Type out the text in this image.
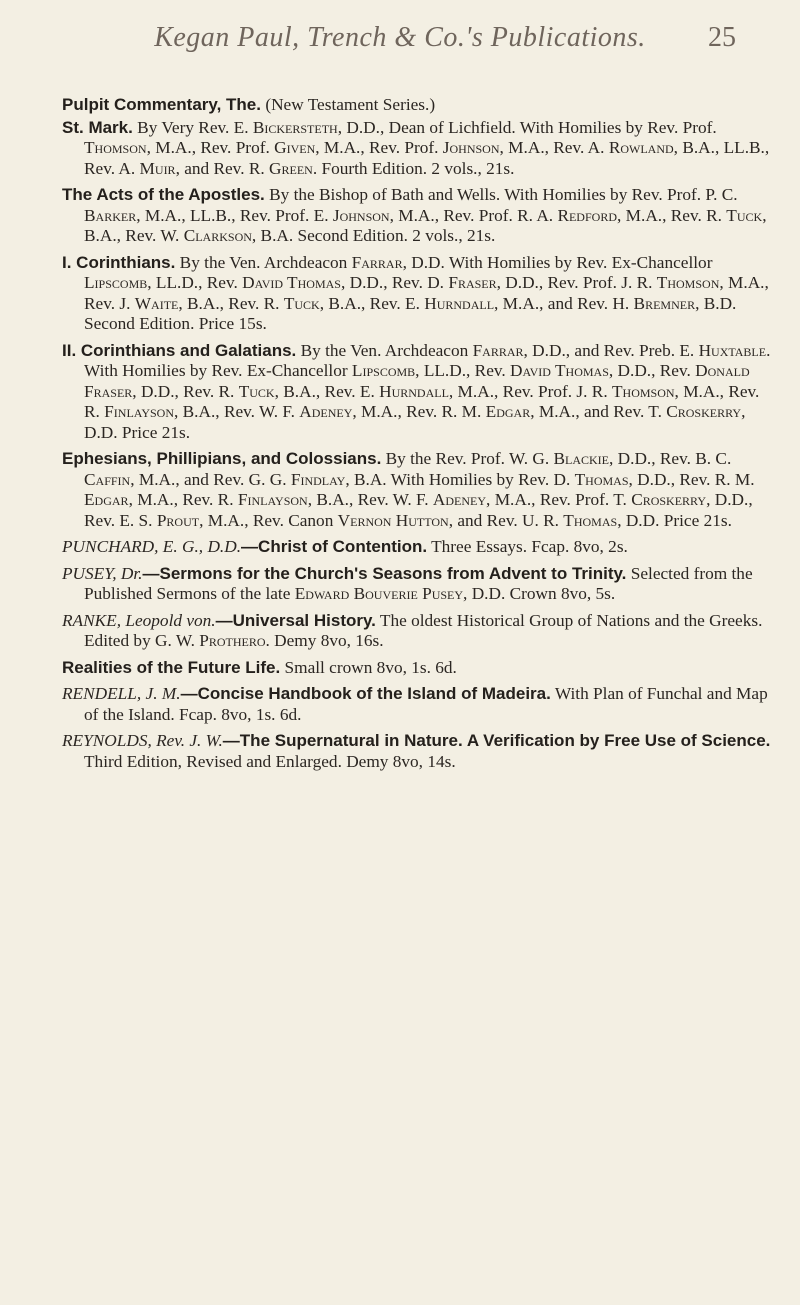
Kegan Paul, Trench & Co.'s Publications.	25

Pulpit Commentary, The. (New Testament Series.)

St. Mark. By Very Rev. E. Bickersteth, D.D., Dean of Lichfield. With Homilies by Rev. Prof. Thomson, M.A., Rev. Prof. Given, M.A., Rev. Prof. Johnson, M.A., Rev. A. Rowland, B.A., LL.B., Rev. A. Muir, and Rev. R. Green. Fourth Edition. 2 vols., 21s.

The Acts of the Apostles. By the Bishop of Bath and Wells. With Homilies by Rev. Prof. P. C. Barker, M.A., LL.B., Rev. Prof. E. Johnson, M.A., Rev. Prof. R. A. Redford, M.A., Rev. R. Tuck, B.A., Rev. W. Clarkson, B.A. Second Edition. 2 vols., 21s.

I. Corinthians. By the Ven. Archdeacon Farrar, D.D. With Homilies by Rev. Ex-Chancellor Lipscomb, LL.D., Rev. David Thomas, D.D., Rev. D. Fraser, D.D., Rev. Prof. J. R. Thomson, M.A., Rev. J. Waite, B.A., Rev. R. Tuck, B.A., Rev. E. Hurndall, M.A., and Rev. H. Bremner, B.D. Second Edition. Price 15s.

II. Corinthians and Galatians. By the Ven. Archdeacon Farrar, D.D., and Rev. Preb. E. Huxtable. With Homilies by Rev. Ex-Chancellor Lipscomb, LL.D., Rev. David Thomas, D.D., Rev. Donald Fraser, D.D., Rev. R. Tuck, B.A., Rev. E. Hurndall, M.A., Rev. Prof. J. R. Thomson, M.A., Rev. R. Finlayson, B.A., Rev. W. F. Adeney, M.A., Rev. R. M. Edgar, M.A., and Rev. T. Croskerry, D.D. Price 21s.

Ephesians, Phillipians, and Colossians. By the Rev. Prof. W. G. Blackie, D.D., Rev. B. C. Caffin, M.A., and Rev. G. G. Findlay, B.A. With Homilies by Rev. D. Thomas, D.D., Rev. R. M. Edgar, M.A., Rev. R. Finlayson, B.A., Rev. W. F. Adeney, M.A., Rev. Prof. T. Croskerry, D.D., Rev. E. S. Prout, M.A., Rev. Canon Vernon Hutton, and Rev. U. R. Thomas, D.D. Price 21s.

PUNCHARD, E. G., D.D.—Christ of Contention. Three Essays. Fcap. 8vo, 2s.

PUSEY, Dr.—Sermons for the Church's Seasons from Advent to Trinity. Selected from the Published Sermons of the late Edward Bouverie Pusey, D.D. Crown 8vo, 5s.

RANKE, Leopold von.—Universal History. The oldest Historical Group of Nations and the Greeks. Edited by G. W. Prothero. Demy 8vo, 16s.

Realities of the Future Life. Small crown 8vo, 1s. 6d.

RENDELL, J. M.—Concise Handbook of the Island of Madeira. With Plan of Funchal and Map of the Island. Fcap. 8vo, 1s. 6d.

REYNOLDS, Rev. J. W.—The Supernatural in Nature. A Verification by Free Use of Science. Third Edition, Revised and Enlarged. Demy 8vo, 14s.
